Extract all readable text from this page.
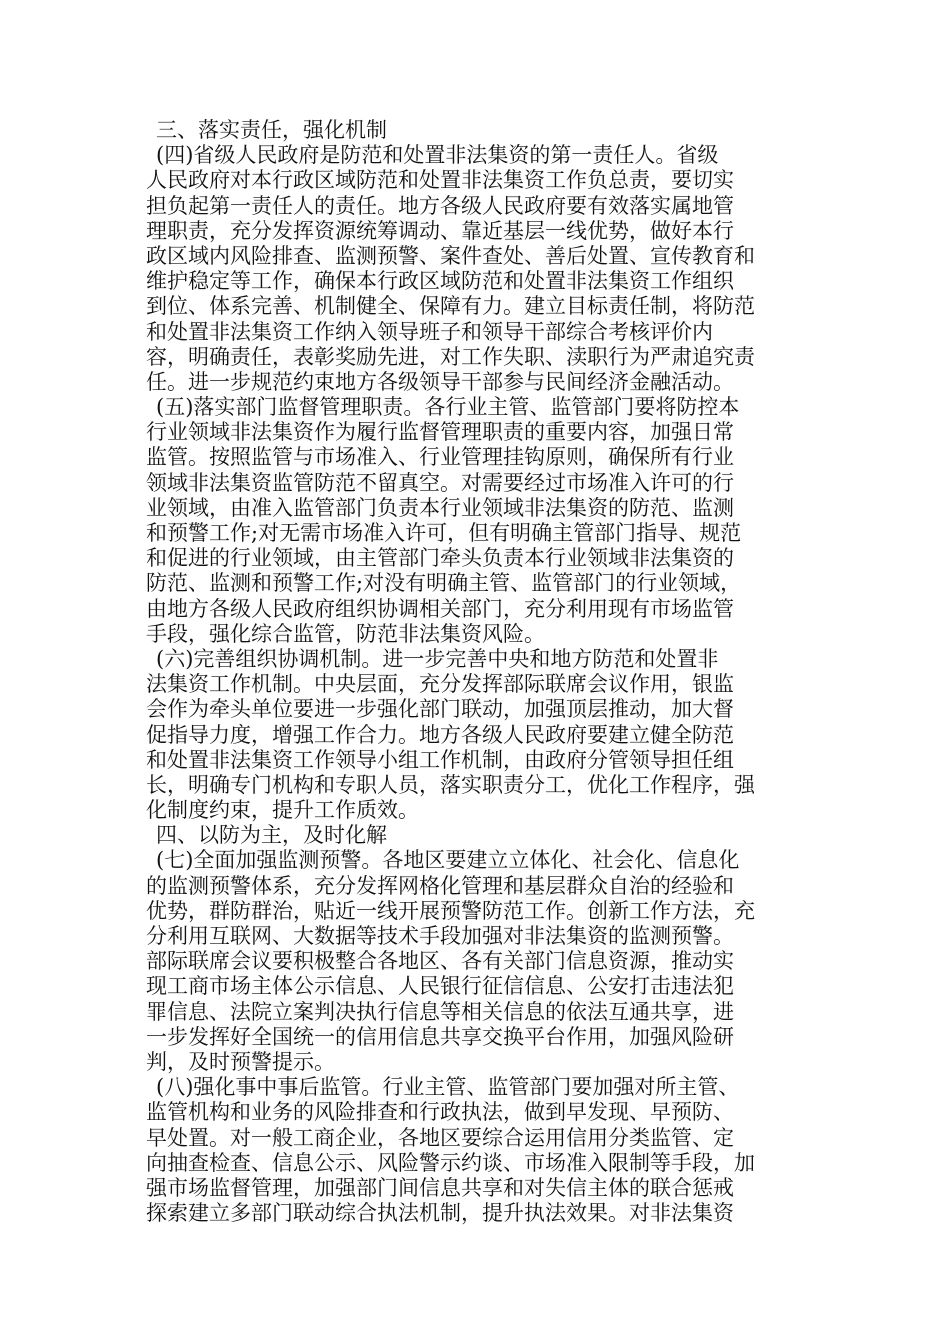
三、落实责任，强化机制
(四)省级人民政府是防范和处置非法集资的第一责任人。省级
人民政府对本行政区域防范和处置非法集资工作负总责，要切实
担负起第一责任人的责任。地方各级人民政府要有效落实属地管
理职责，充分发挥资源统筹调动、靠近基层一线优势，做好本行
政区域内风险排查、监测预警、案件查处、善后处置、宣传教育和
维护稳定等工作，确保本行政区域防范和处置非法集资工作组织
到位、体系完善、机制健全、保障有力。建立目标责任制，将防范
和处置非法集资工作纳入领导班子和领导干部综合考核评价内
容，明确责任，表彰奖励先进，对工作失职、渎职行为严肃追究责
任。进一步规范约束地方各级领导干部参与民间经济金融活动。
(五)落实部门监督管理职责。各行业主管、监管部门要将防控本
行业领域非法集资作为履行监督管理职责的重要内容，加强日常
监管。按照监管与市场准入、行业管理挂钩原则，确保所有行业
领域非法集资监管防范不留真空。对需要经过市场准入许可的行
业领域，由准入监管部门负责本行业领域非法集资的防范、监测
和预警工作;对无需市场准入许可，但有明确主管部门指导、规范
和促进的行业领域，由主管部门牵头负责本行业领域非法集资的
防范、监测和预警工作;对没有明确主管、监管部门的行业领域，
由地方各级人民政府组织协调相关部门，充分利用现有市场监管
手段，强化综合监管，防范非法集资风险。
(六)完善组织协调机制。进一步完善中央和地方防范和处置非
法集资工作机制。中央层面，充分发挥部际联席会议作用，银监
会作为牵头单位要进一步强化部门联动，加强顶层推动，加大督
促指导力度，增强工作合力。地方各级人民政府要建立健全防范
和处置非法集资工作领导小组工作机制，由政府分管领导担任组
长，明确专门机构和专职人员，落实职责分工，优化工作程序，强
化制度约束，提升工作质效。
四、以防为主，及时化解
(七)全面加强监测预警。各地区要建立立体化、社会化、信息化
的监测预警体系，充分发挥网格化管理和基层群众自治的经验和
优势，群防群治，贴近一线开展预警防范工作。创新工作方法，充
分利用互联网、大数据等技术手段加强对非法集资的监测预警。
部际联席会议要积极整合各地区、各有关部门信息资源，推动实
现工商市场主体公示信息、人民银行征信信息、公安打击违法犯
罪信息、法院立案判决执行信息等相关信息的依法互通共享，进
一步发挥好全国统一的信用信息共享交换平台作用，加强风险研
判，及时预警提示。
(八)强化事中事后监管。行业主管、监管部门要加强对所主管、
监管机构和业务的风险排查和行政执法，做到早发现、早预防、
早处置。对一般工商企业，各地区要综合运用信用分类监管、定
向抽查检查、信息公示、风险警示约谈、市场准入限制等手段，加
强市场监督管理，加强部门间信息共享和对失信主体的联合惩戒
探索建立多部门联动综合执法机制，提升执法效果。对非法集资
